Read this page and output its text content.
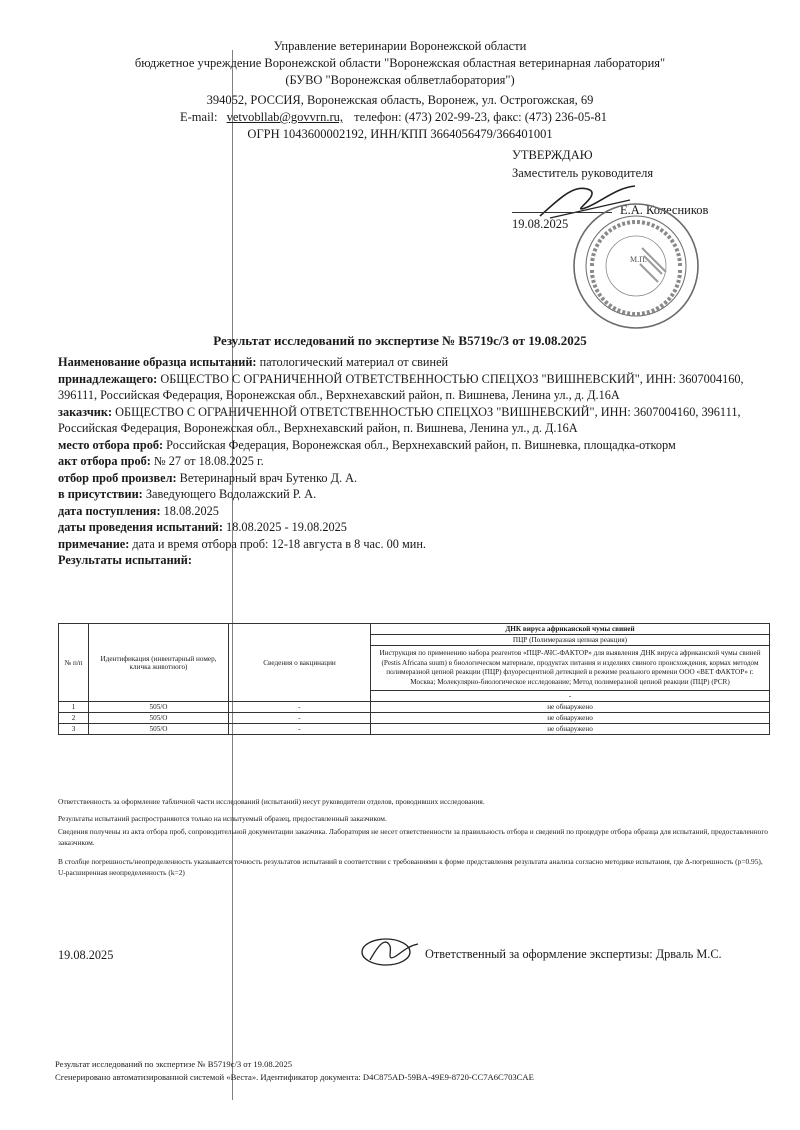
Управление ветеринарии Воронежской области
бюджетное учреждение Воронежской области "Воронежская областная ветеринарная лаборатория"
(БУВО "Воронежская облветлаборатория")
394052, РОССИЯ, Воронежская область, Воронеж, ул. Острогожская, 69
E-mail: vetvobllab@govvrn.ru, телефон: (473) 202-99-23, факс: (473) 236-05-81
ОГРН 1043600002192, ИНН/КПП 3664056479/366401001
УТВЕРЖДАЮ
Заместитель руководителя
Е.А. Колесников
19.08.2025
М.П.
Результат исследований по экспертизе № В5719с/3 от 19.08.2025
Наименование образца испытаний: патологический материал от свиней
принадлежащего: ОБЩЕСТВО С ОГРАНИЧЕННОЙ ОТВЕТСТВЕННОСТЬЮ СПЕЦХОЗ "ВИШНЕВСКИЙ", ИНН: 3607004160, 396111, Российская Федерация, Воронежская обл., Верхнехавский район, п. Вишнева, Ленина ул., д. Д.16А
заказчик: ОБЩЕСТВО С ОГРАНИЧЕННОЙ ОТВЕТСТВЕННОСТЬЮ СПЕЦХОЗ "ВИШНЕВСКИЙ", ИНН: 3607004160, 396111, Российская Федерация, Воронежская обл., Верхнехавский район, п. Вишнева, Ленина ул., д. Д.16А
место отбора проб: Российская Федерация, Воронежская обл., Верхнехавский район, п. Вишневка, площадка-откорм
акт отбора проб: № 27 от 18.08.2025 г.
отбор проб произвел: Ветеринарный врач Бутенко Д. А.
в присутствии: Заведующего Водолажский Р. А.
дата поступления: 18.08.2025
даты проведения испытаний: 18.08.2025 - 19.08.2025
примечание: дата и время отбора проб: 12-18 августа в 8 час. 00 мин.
Результаты испытаний:
№ п/п	Идентификация (инвентарный номер, кличка животного)	Сведения о вакцинации	ДНК вируса африканской чумы свиней
			ПЦР (Полимеразная цепная реакция)
			Инструкция по применению набора реагентов «ПЦР-АЧС-ФАКТОР» для выявления ДНК вируса африканской чумы свиней (Pestis Africana suum) в биологическом материале, продуктах питания и изделиях свиного происхождения, кормах методом полимеразной цепной реакции (ПЦР) флуоресцентной детекцией в режиме реального времени ООО «ВЕТ ФАКТОР» г. Москва; Молекулярно-биологическое исследование; Метод полимеразной цепной реакции (ПЦР) (PCR)
			-
1	505/О	-	не обнаружено
2	505/О	-	не обнаружено
3	505/О	-	не обнаружено
Ответственность за оформление табличной части исследований (испытаний) несут руководители отделов, проводивших исследования.
Результаты испытаний распространяются только на испытуемый образец, предоставленный заказчиком.
Сведения получены из акта отбора проб, сопроводительной документации заказчика. Лаборатория не несет ответственности за правильность отбора и сведений по процедуре отбора образца для испытаний, предоставленного заказчиком.
В столбце погрешность/неопределенность указывается точность результатов испытаний в соответствии с требованиями к форме представления результата анализа согласно методике испытания, где Δ-погрешность (p=0.95), U-расширенная неопределенность (k=2)
19.08.2025	Ответственный за оформление экспертизы: Дрваль М.С.
Результат исследований по экспертизе № В5719с/3 от 19.08.2025
Сгенерировано автоматизированной системой «Веста». Идентификатор документа: D4C875AD-59BA-49E9-8720-CC7A6C703CAE
